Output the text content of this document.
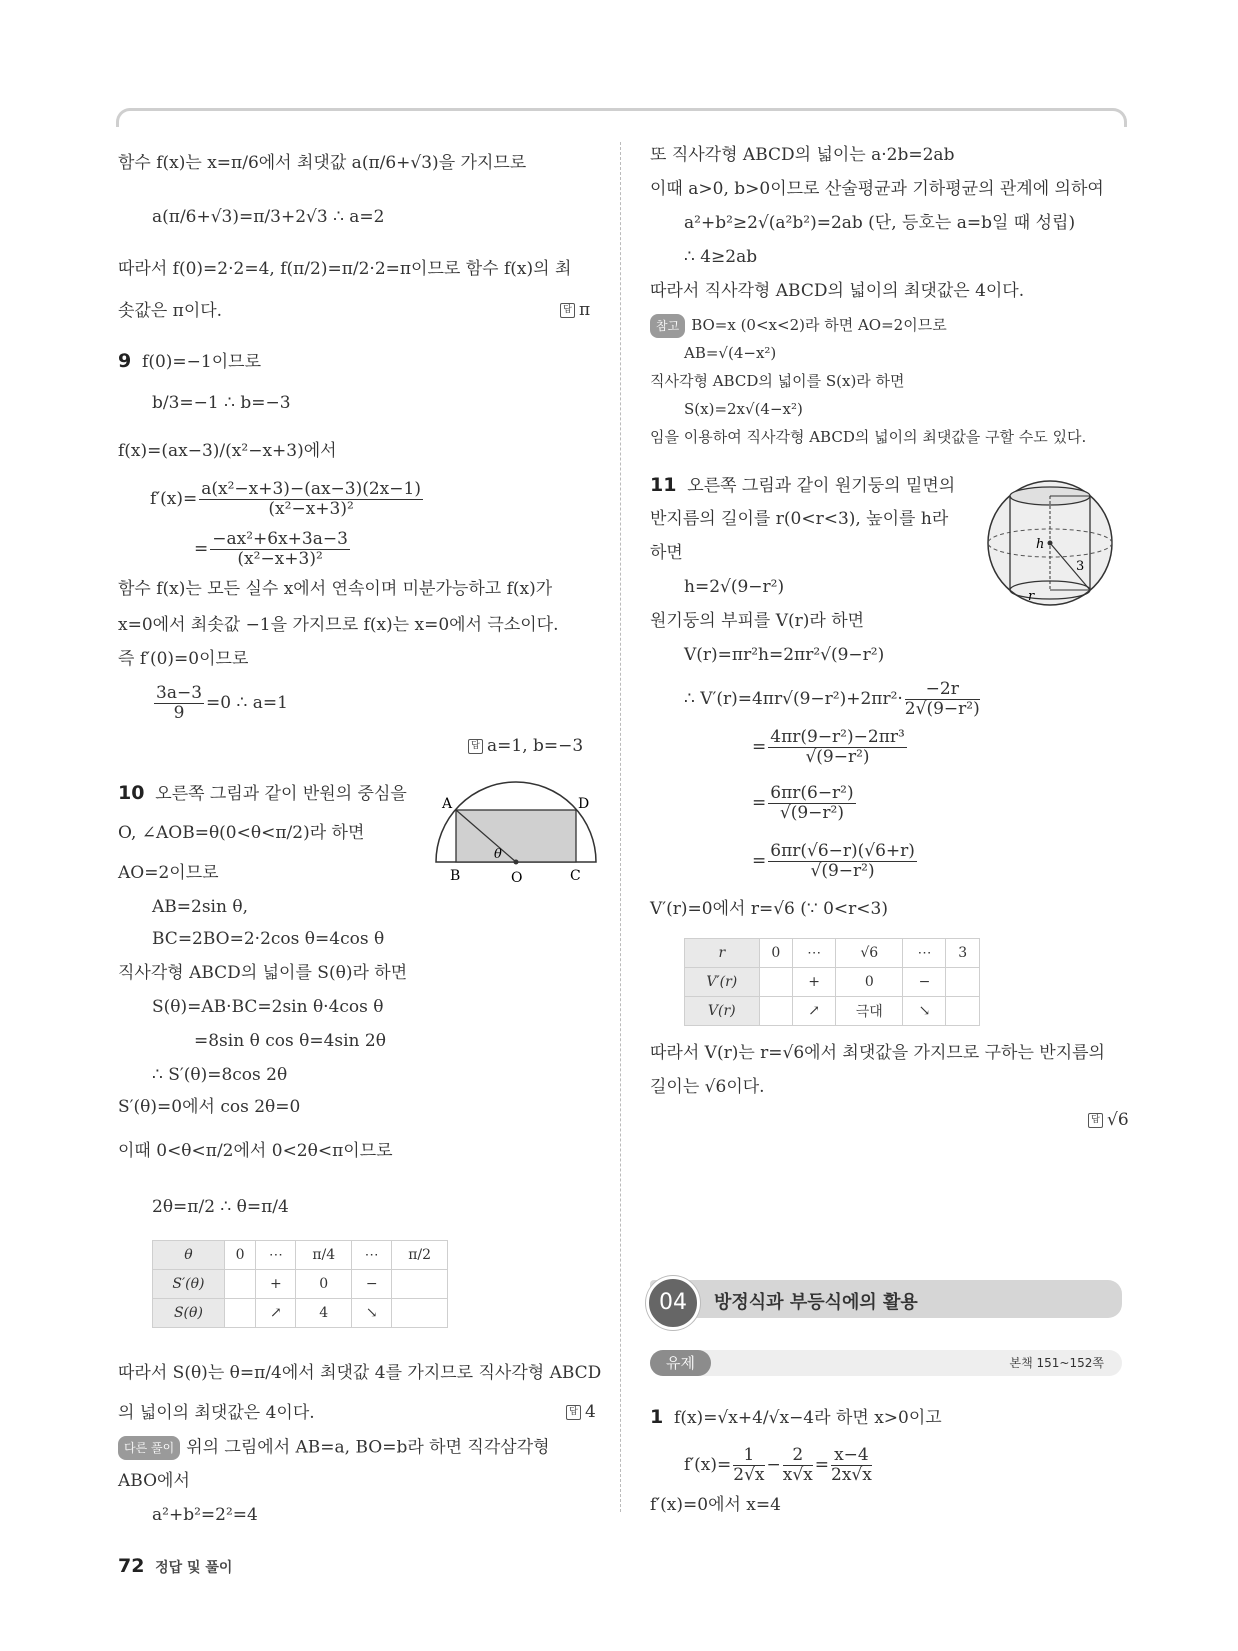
함수 f(x)는 x=π/6에서 최댓값 a(π/6+√3)을 가지므로
a(π/6+√3)=π/3+2√3 ∴ a=2
따라서 f(0)=2·2=4, f(π/2)=π/2·2=π이므로 함수 f(x)의 최
솟값은 π이다.	답 π
9 f(0)=−1이므로
b/3=−1 ∴ b=−3
f(x)=(ax−3)/(x²−x+3)에서
$f'(x)= \frac{\text{a(x²−x+3)−(ax−3)(2x−1)}}{\text{(x²−x+3)²}}$
= $\frac{\text{−ax²+6x+3a−3}}{\text{(x²−x+3)²}}$
함수 f(x)는 모든 실수 x에서 연속이며 미분가능하고 f(x)가
x=0에서 최솟값 −1을 가지므로 f(x)는 x=0에서 극소이다.
즉 f′(0)=0이므로
$\frac{3a-3}{9} =0$ ∴ a=1
답 a=1, b=−3
10 오른쪽 그림과 같이 반원의 중심을
O, ∠AOB=θ(0<θ<π/2)라 하면
AO=2이므로
AB=2sin θ,
BC=2BO=2·2cos θ=4cos θ
직사각형 ABCD의 넓이를 S(θ)라 하면
S(θ)=AB·BC=2sin θ·4cos θ
=8sin θ cos θ=4sin 2θ
∴ S′(θ)=8cos 2θ
S′(θ)=0에서 cos 2θ=0
이때 0<θ<π/2에서 0<2θ<π이므로
2θ=π/2 ∴ θ=π/4
A	D
B	O	C
θ
θ	0	⋯	π/4	⋯	π/2
S′(θ)		+	0	−	
S(θ)		↗	4	↘	
따라서 S(θ)는 θ=π/4에서 최댓값 4를 가지므로 직사각형 ABCD
의 넓이의 최댓값은 4이다.	답 4
다른 풀이 위의 그림에서 AB=a, BO=b라 하면 직각삼각형
ABO에서
a²+b²=2²=4
또 직사각형 ABCD의 넓이는 a·2b=2ab
이때 a>0, b>0이므로 산술평균과 기하평균의 관계에 의하여
a²+b²≥2√(a²b²)=2ab (단, 등호는 a=b일 때 성립)
∴ 4≥2ab
따라서 직사각형 ABCD의 넓이의 최댓값은 4이다.
참고 BO=x (0<x<2)라 하면 AO=2이므로
AB=√(4−x²)
직사각형 ABCD의 넓이를 S(x)라 하면
S(x)=2x√(4−x²)
임을 이용하여 직사각형 ABCD의 넓이의 최댓값을 구할 수도 있다.
11 오른쪽 그림과 같이 원기둥의 밑면의
반지름의 길이를 r(0<r<3), 높이를 h라
하면
h=2√(9−r²)
원기둥의 부피를 V(r)라 하면
V(r)=πr²h=2πr²√(9−r²)
∴ $V'(r)=4\pi r√(9-r^2)+2\pi r^2\cdot \frac{-2r}{\text{2√(9−r²)}}$
= $\frac{\text{4πr(9−r²)−2πr³}}{\text{√(9−r²)}}$
= $\frac{\text{6πr(6−r²)}}{\text{√(9−r²)}}$
= $\frac{6\pi r(√6-r)(√6+r)}{\text{√(9−r²)}}$
V′(r)=0에서 r=√6 (∵ 0<r<3)
h
r
3
r	0	⋯	√6	⋯	3
V′(r)		+	0	−	
V(r)		↗	극대	↘	
따라서 V(r)는 r=√6에서 최댓값을 가지므로 구하는 반지름의
길이는 √6이다.
답 √6
04	방정식과 부등식에의 활용
유제	본책 151~152쪽
1 f(x)=√x+4/√x−4라 하면 x>0이고
$f'(x)= \frac{1}{2√x} - \frac{2}{x√x} = \frac{x-4}{2x√x}$
f′(x)=0에서 x=4
72 정답 및 풀이
